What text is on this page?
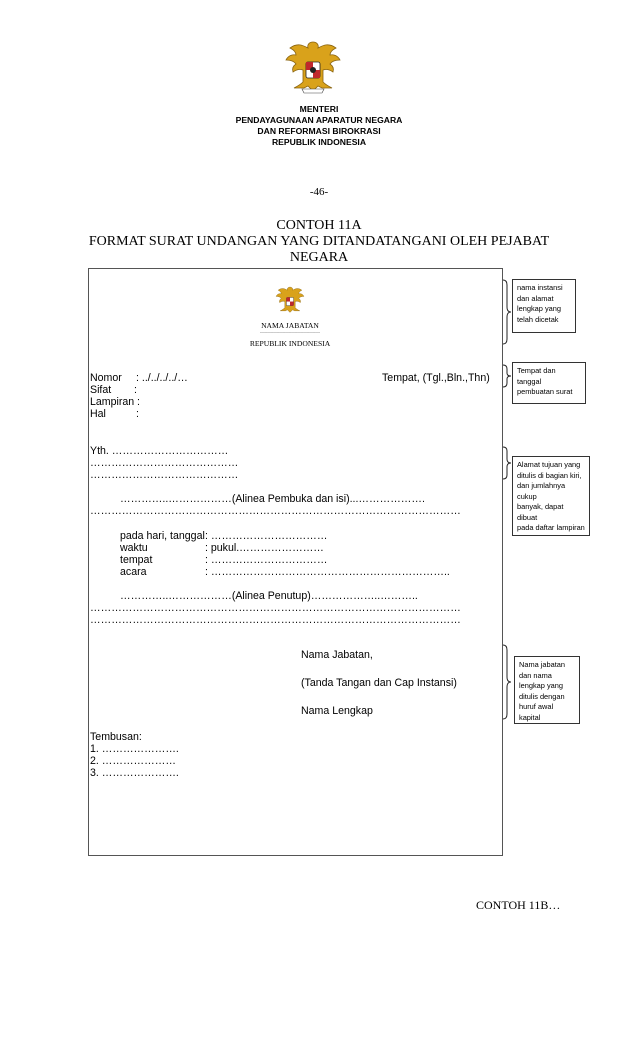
MENTERI
PENDAYAGUNAAN APARATUR NEGARA
DAN REFORMASI BIROKRASI
REPUBLIK INDONESIA
-46-
CONTOH 11A
FORMAT SURAT UNDANGAN YANG DITANDATANGANI OLEH PEJABAT
NEGARA
NAMA JABATAN
…………………………
REPUBLIK INDONESIA
Nomor : ../../../../…	Tempat, (Tgl.,Bln.,Thn)
Sifat :
Lampiran :
Hal	:
Yth. ……………………………
……………………………………
……………………………………
…………..………………(Alinea Pembuka dan isi)...……………….
……………………………………………………………………………………………
pada hari, tanggal : ……………………………
waktu	: pukul.……………………
tempat	: ……………………………
acara	: …………………………………………………………..
…………..………………(Alinea Penutup)………………..………..
……………………………………………………………………………………………
……………………………………………………………………………………………
Nama Jabatan,
(Tanda Tangan dan Cap Instansi)
Nama Lengkap
Tembusan:
1. ………………….
2. …………………
3. ………………….
nama instansi
dan alamat
lengkap yang
telah dicetak
Tempat dan
tanggal
pembuatan surat
Alamat tujuan yang
ditulis di bagian kiri,
dan jumlahnya cukup
banyak, dapat dibuat
pada daftar lampiran
Nama jabatan
dan nama
lengkap yang
ditulis dengan
huruf awal
kapital
CONTOH 11B…
